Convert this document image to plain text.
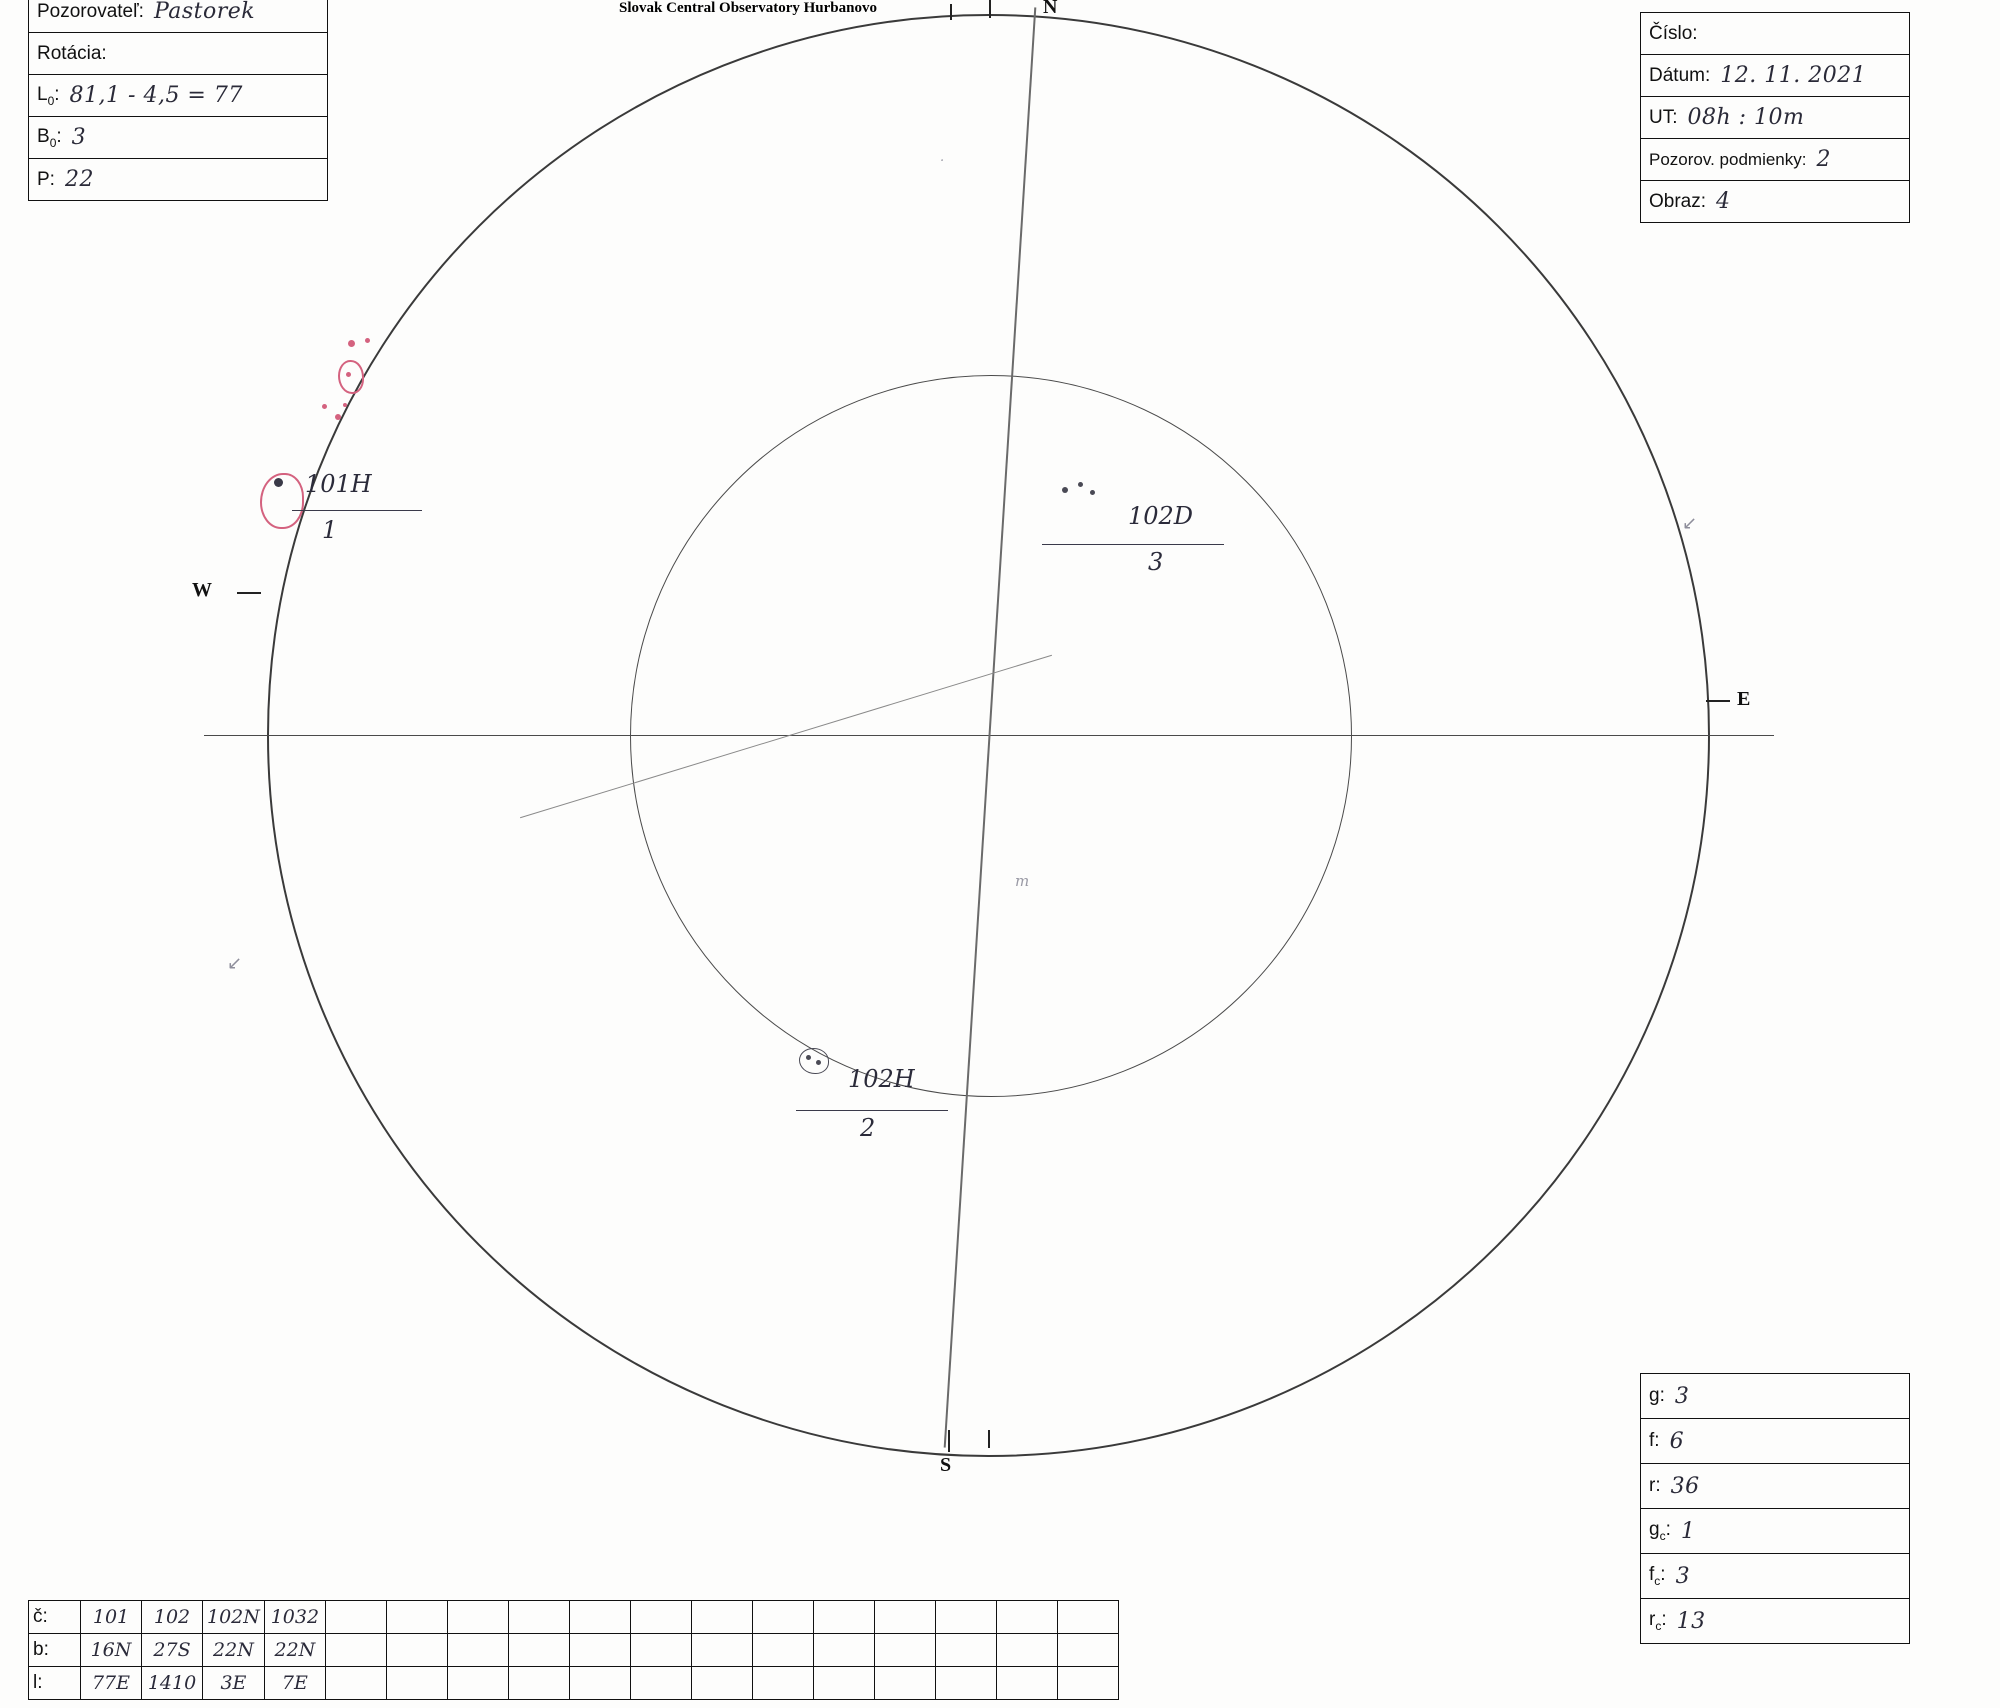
Slovak Central Observatory Hurbanovo
Pozorovateľ: Pastorek
Rotácia:
$L_0$: 81,1 - 4,5 = 77
$B_0$: 3
P: 22
Číslo:
Dátum: 12. 11. 2021
UT: 08h : 10m
Pozorov. podmienky: 2
Obraz: 4
g: 3
f: 6
r: 36
$g_c$: 1
$f_c$: 3
$r_c$: 13
N
S
W
E
↙
↙
m
.
101H
1	102D
3
102H
2
č:	101	102	102N	1032													
b:	16N	27S	22N	22N													
l:	77E	1410	3E	7E													
